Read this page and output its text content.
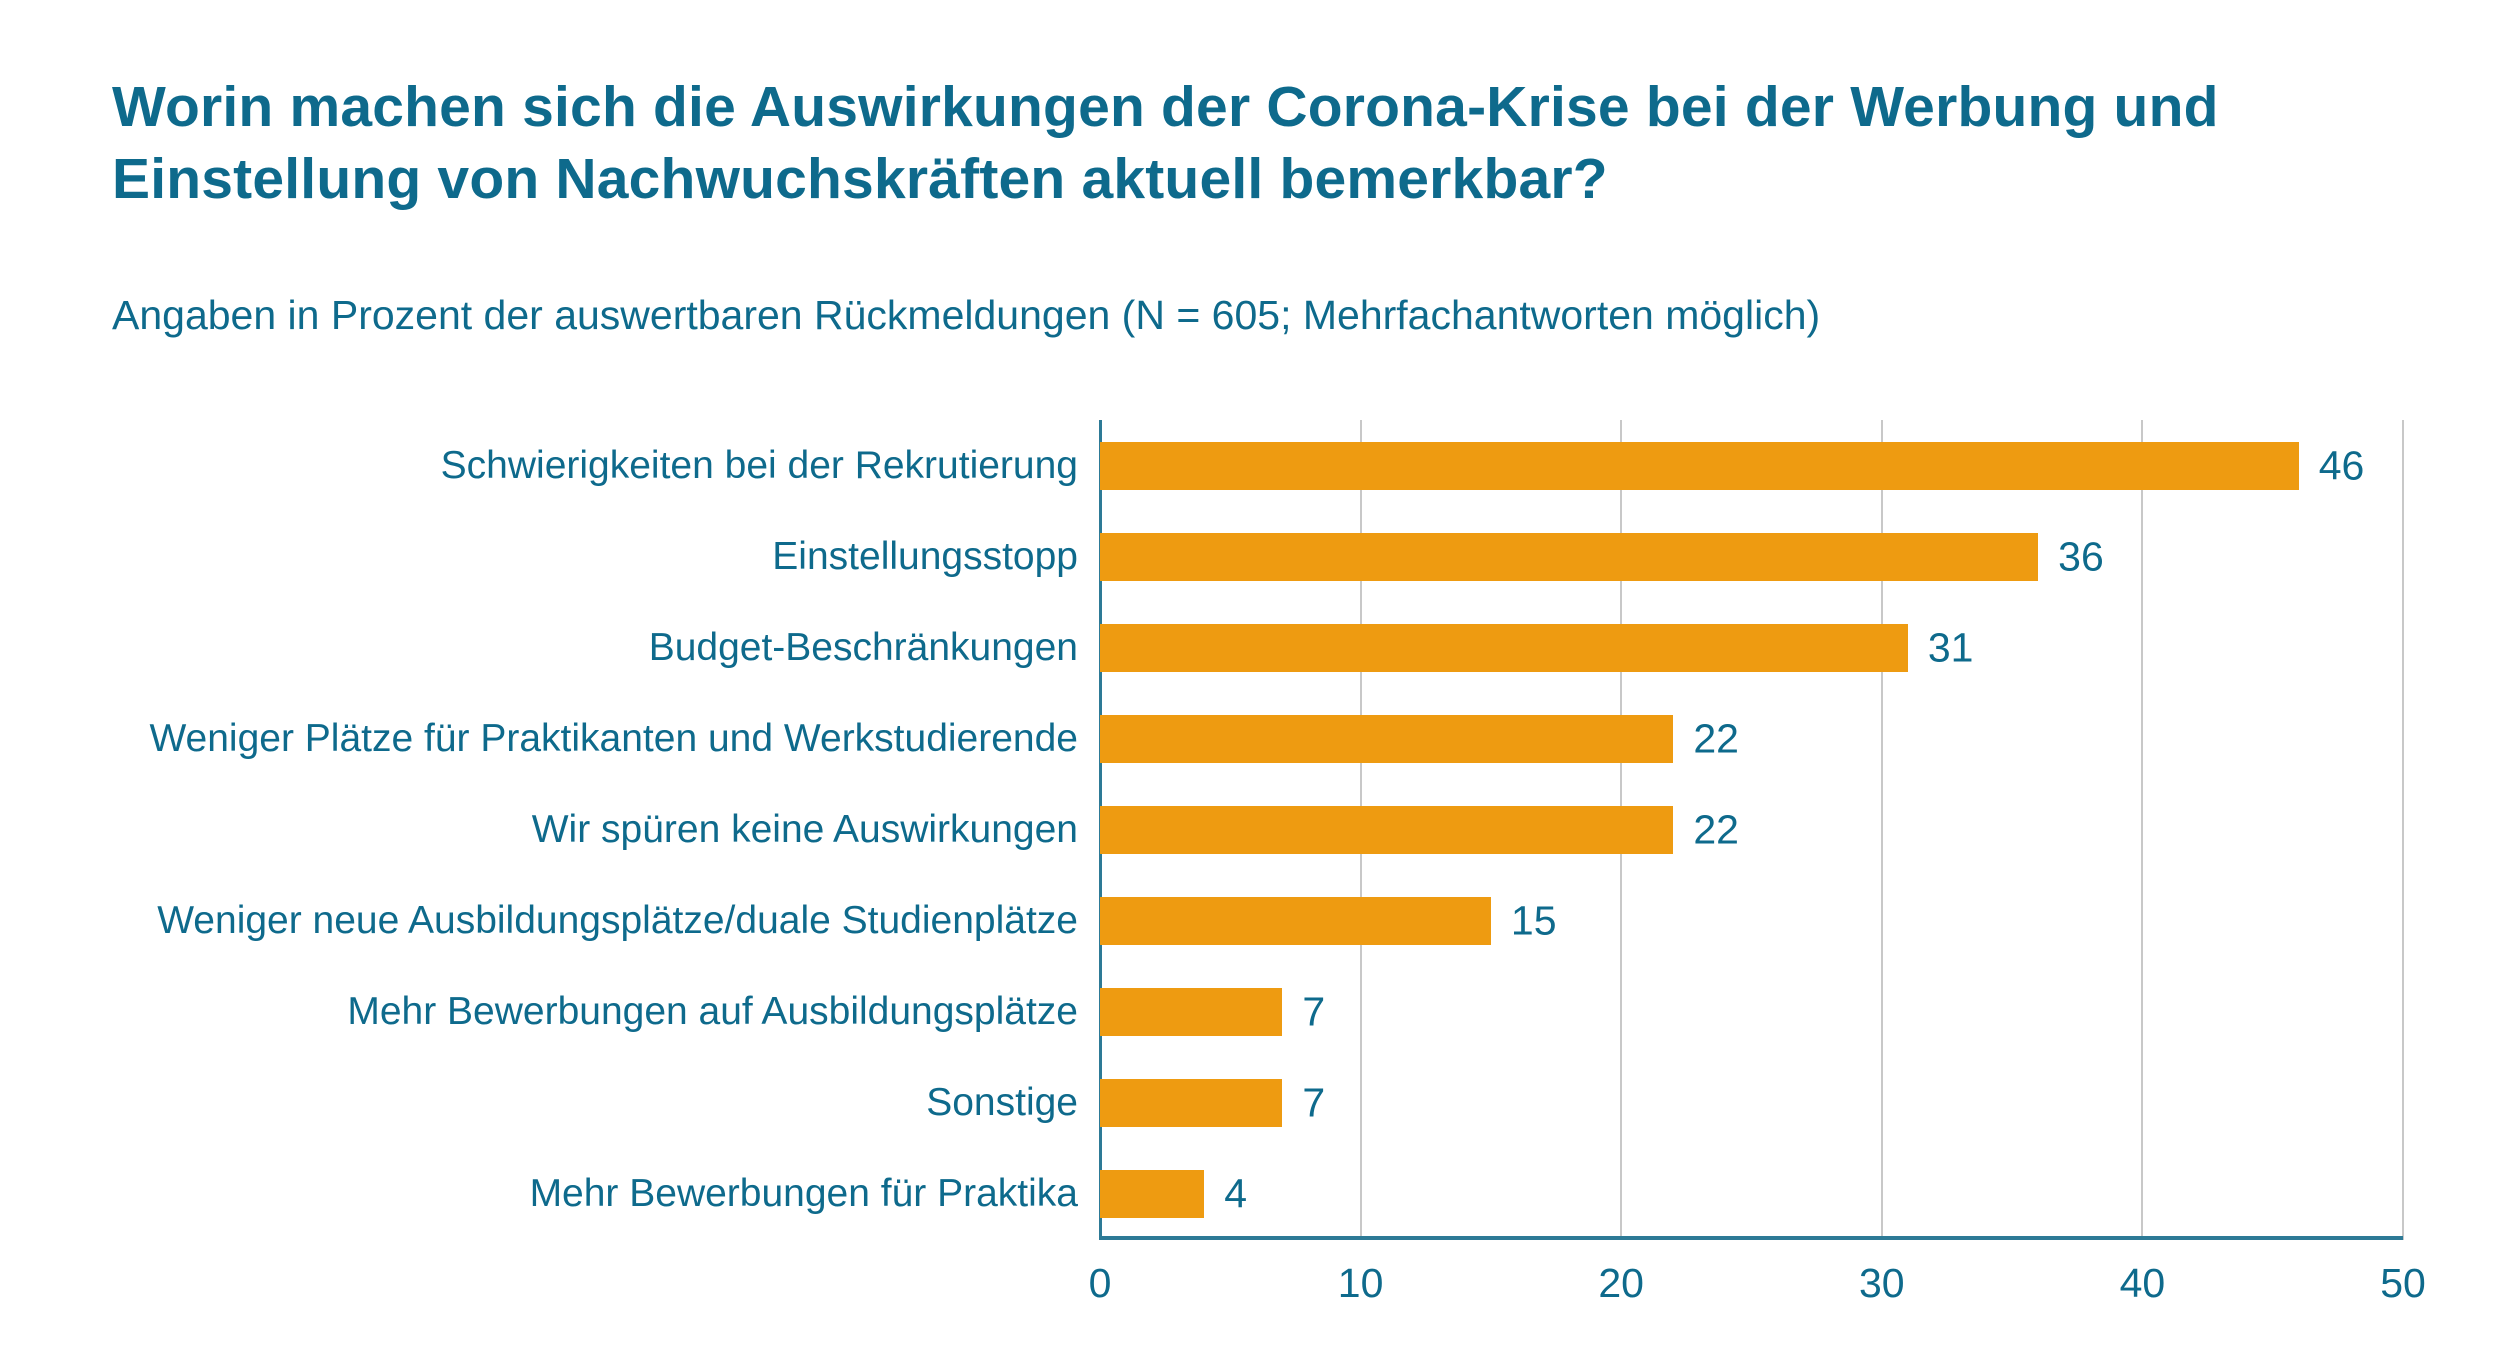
Worin machen sich die Auswirkungen der Corona-Krise bei der Werbung und Einstellung von Nachwuchskräften aktuell bemerkbar?
Angaben in Prozent der auswertbaren Rückmeldungen (N = 605; Mehrfachantworten möglich)
Schwierigkeiten bei der Rekrutierung	46
Einstellungsstopp	36
Budget-Beschränkungen	31
Weniger Plätze für Praktikanten und Werkstudierende	22
Wir spüren keine Auswirkungen	22
Weniger neue Ausbildungsplätze/duale Studienplätze	15
Mehr Bewerbungen auf Ausbildungsplätze	7
Sonstige	7
Mehr Bewerbungen für Praktika	4
0	10	20	30	40	50
